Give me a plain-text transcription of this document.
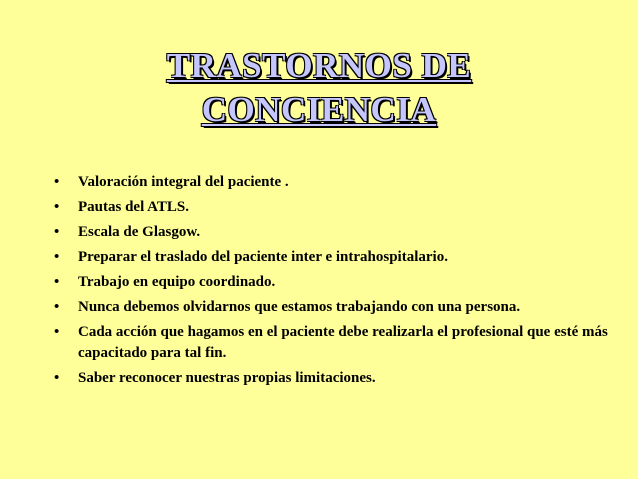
TRASTORNOS DE
CONCIENCIA
•	Valoración integral del paciente .
•	Pautas del ATLS.
•	Escala de Glasgow.
•	Preparar el traslado del paciente inter e intrahospitalario.
•	Trabajo en equipo coordinado.
•	Nunca debemos olvidarnos que estamos trabajando con una persona.
•	Cada acción que hagamos en el paciente debe realizarla el profesional que esté más capacitado para tal fin.
•	Saber reconocer nuestras propias limitaciones.
